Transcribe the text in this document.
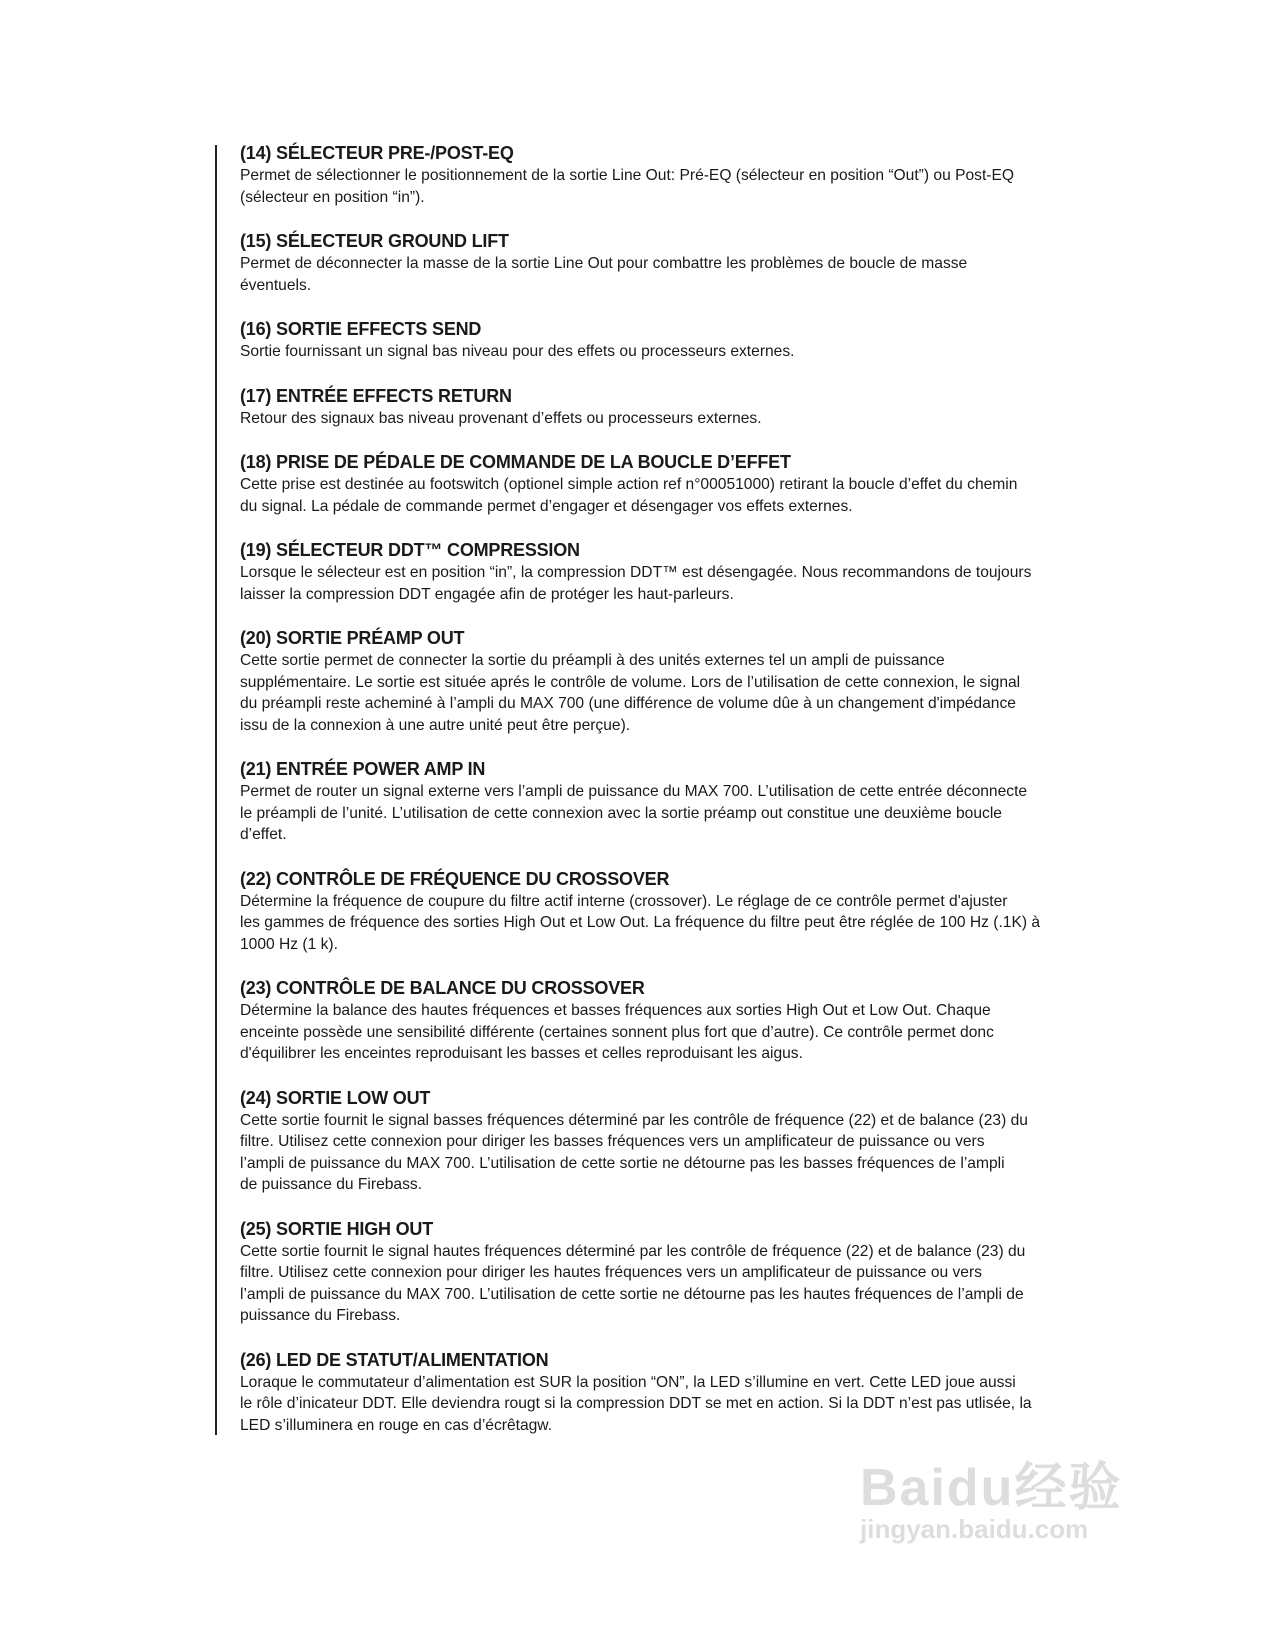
(14) SÉLECTEUR PRE-/POST-EQ
Permet de sélectionner le positionnement de la sortie Line Out: Pré-EQ (sélecteur en position “Out”) ou Post-EQ
(sélecteur en position “in”).
(15) SÉLECTEUR GROUND LIFT
Permet de déconnecter la masse de la sortie Line Out pour combattre les problèmes de boucle de masse
éventuels.
(16) SORTIE EFFECTS SEND
Sortie fournissant un signal bas niveau pour des effets ou processeurs externes.
(17) ENTRÉE EFFECTS RETURN
Retour des signaux bas niveau provenant d’effets ou processeurs externes.
(18) PRISE DE PÉDALE DE COMMANDE DE LA BOUCLE D’EFFET
Cette prise est destinée au footswitch (optionel simple action ref n°00051000) retirant la boucle d’effet du chemin
du signal. La pédale de commande permet d’engager et désengager vos effets externes.
(19) SÉLECTEUR DDT™ COMPRESSION
Lorsque le sélecteur est en position “in”, la compression DDT™ est désengagée. Nous recommandons de toujours
laisser la compression DDT engagée afin de protéger les haut-parleurs.
(20) SORTIE PRÉAMP OUT
Cette sortie permet de connecter la sortie du préampli à des unités externes tel un ampli de puissance
supplémentaire. Le sortie est située aprés le contrôle de volume. Lors de l’utilisation de cette connexion, le signal
du préampli reste acheminé à l’ampli du MAX 700 (une différence de volume dûe à un changement d'impédance
issu de la connexion à une autre unité peut être perçue).
(21) ENTRÉE POWER AMP IN
Permet de router un signal externe vers l’ampli de puissance du MAX 700. L’utilisation de cette entrée déconnecte
le préampli de l’unité. L’utilisation de cette connexion avec la sortie préamp out constitue une deuxième boucle
d’effet.
(22) CONTRÔLE DE FRÉQUENCE DU CROSSOVER
Détermine la fréquence de coupure du filtre actif interne (crossover). Le réglage de ce contrôle permet d'ajuster
les gammes de fréquence des sorties High Out et Low Out. La fréquence du filtre peut être réglée de 100 Hz (.1K) à
1000 Hz (1 k).
(23) CONTRÔLE DE BALANCE DU CROSSOVER
Détermine la balance des hautes fréquences et basses fréquences aux sorties High Out et Low Out. Chaque
enceinte possède une sensibilité différente (certaines sonnent plus fort que d’autre). Ce contrôle permet donc
d'équilibrer les enceintes reproduisant les basses et celles reproduisant les aigus.
(24) SORTIE LOW OUT
Cette sortie fournit le signal basses fréquences déterminé par les contrôle de fréquence (22) et de balance (23) du
filtre. Utilisez cette connexion pour diriger les basses fréquences vers un amplificateur de puissance ou vers
l’ampli de puissance du MAX 700. L’utilisation de cette sortie ne détourne pas les basses fréquences de l’ampli
de puissance du Firebass.
(25) SORTIE HIGH OUT
Cette sortie fournit le signal hautes fréquences déterminé par les contrôle de fréquence (22) et de balance (23) du
filtre. Utilisez cette connexion pour diriger les hautes fréquences vers un amplificateur de puissance ou vers
l’ampli de puissance du MAX 700. L’utilisation de cette sortie ne détourne pas les hautes fréquences de l’ampli de
puissance du Firebass.
(26) LED DE STATUT/ALIMENTATION
Loraque le commutateur d’alimentation est SUR la position “ON”, la LED s’illumine en vert. Cette LED joue aussi
le rôle d’inicateur DDT. Elle deviendra rougt si la compression DDT se met en action. Si la DDT n’est pas utlisée, la
LED s’illuminera en rouge en cas d’écrêtagw.
Baidu经验
jingyan.baidu.com
